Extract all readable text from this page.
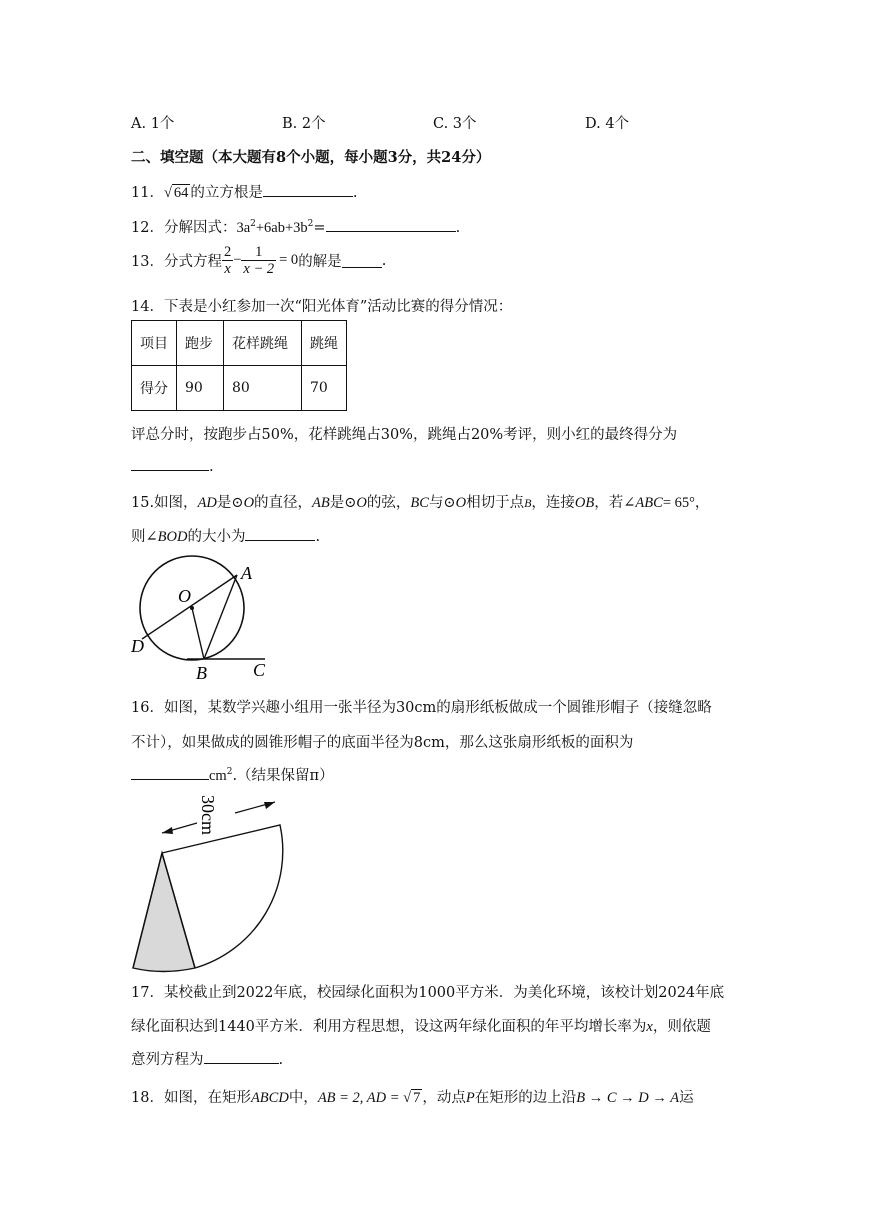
A. 1个	B. 2个	C. 3个	D. 4个
二、填空题（本大题有8个小题，每小题3分，共24分）
11．√ 64 的立方根是	.
12．分解因式：$3a^2+6ab+3b^2=$	.
13．分式方程 $\frac{2}{x} - \frac{1}{x - 2} = 0$ 的解是	.
14．下表是小红参加一次“阳光体育”活动比赛的得分情况：
项目	跑步	花样跳绳	跳绳
得分	90	80	70
评总分时，按跑步占50%，花样跳绳占30%，跳绳占20%考评，则小红的最终得分为
.
15.如图，AD是⊙O的直径，AB是⊙O的弦，BC与⊙O相切于点B，连接OB，若∠ABC= 65°，
则∠BOD的大小为	.
A
O
D
B	C
16．如图，某数学兴趣小组用一张半径为30cm的扇形纸板做成一个圆锥形帽子（接缝忽略
不计），如果做成的圆锥形帽子的底面半径为8cm，那么这张扇形纸板的面积为
$cm^2$.（结果保留π）
30cm
17．某校截止到2022年底，校园绿化面积为1000平方米．为美化环境，该校计划2024年底
绿化面积达到1440平方米．利用方程思想，设这两年绿化面积的年平均增长率为x，则依题
意列方程为	.
18．如图，在矩形ABCD中，AB = 2, AD = √ 7 ，动点P在矩形的边上沿B → C → D → A运
